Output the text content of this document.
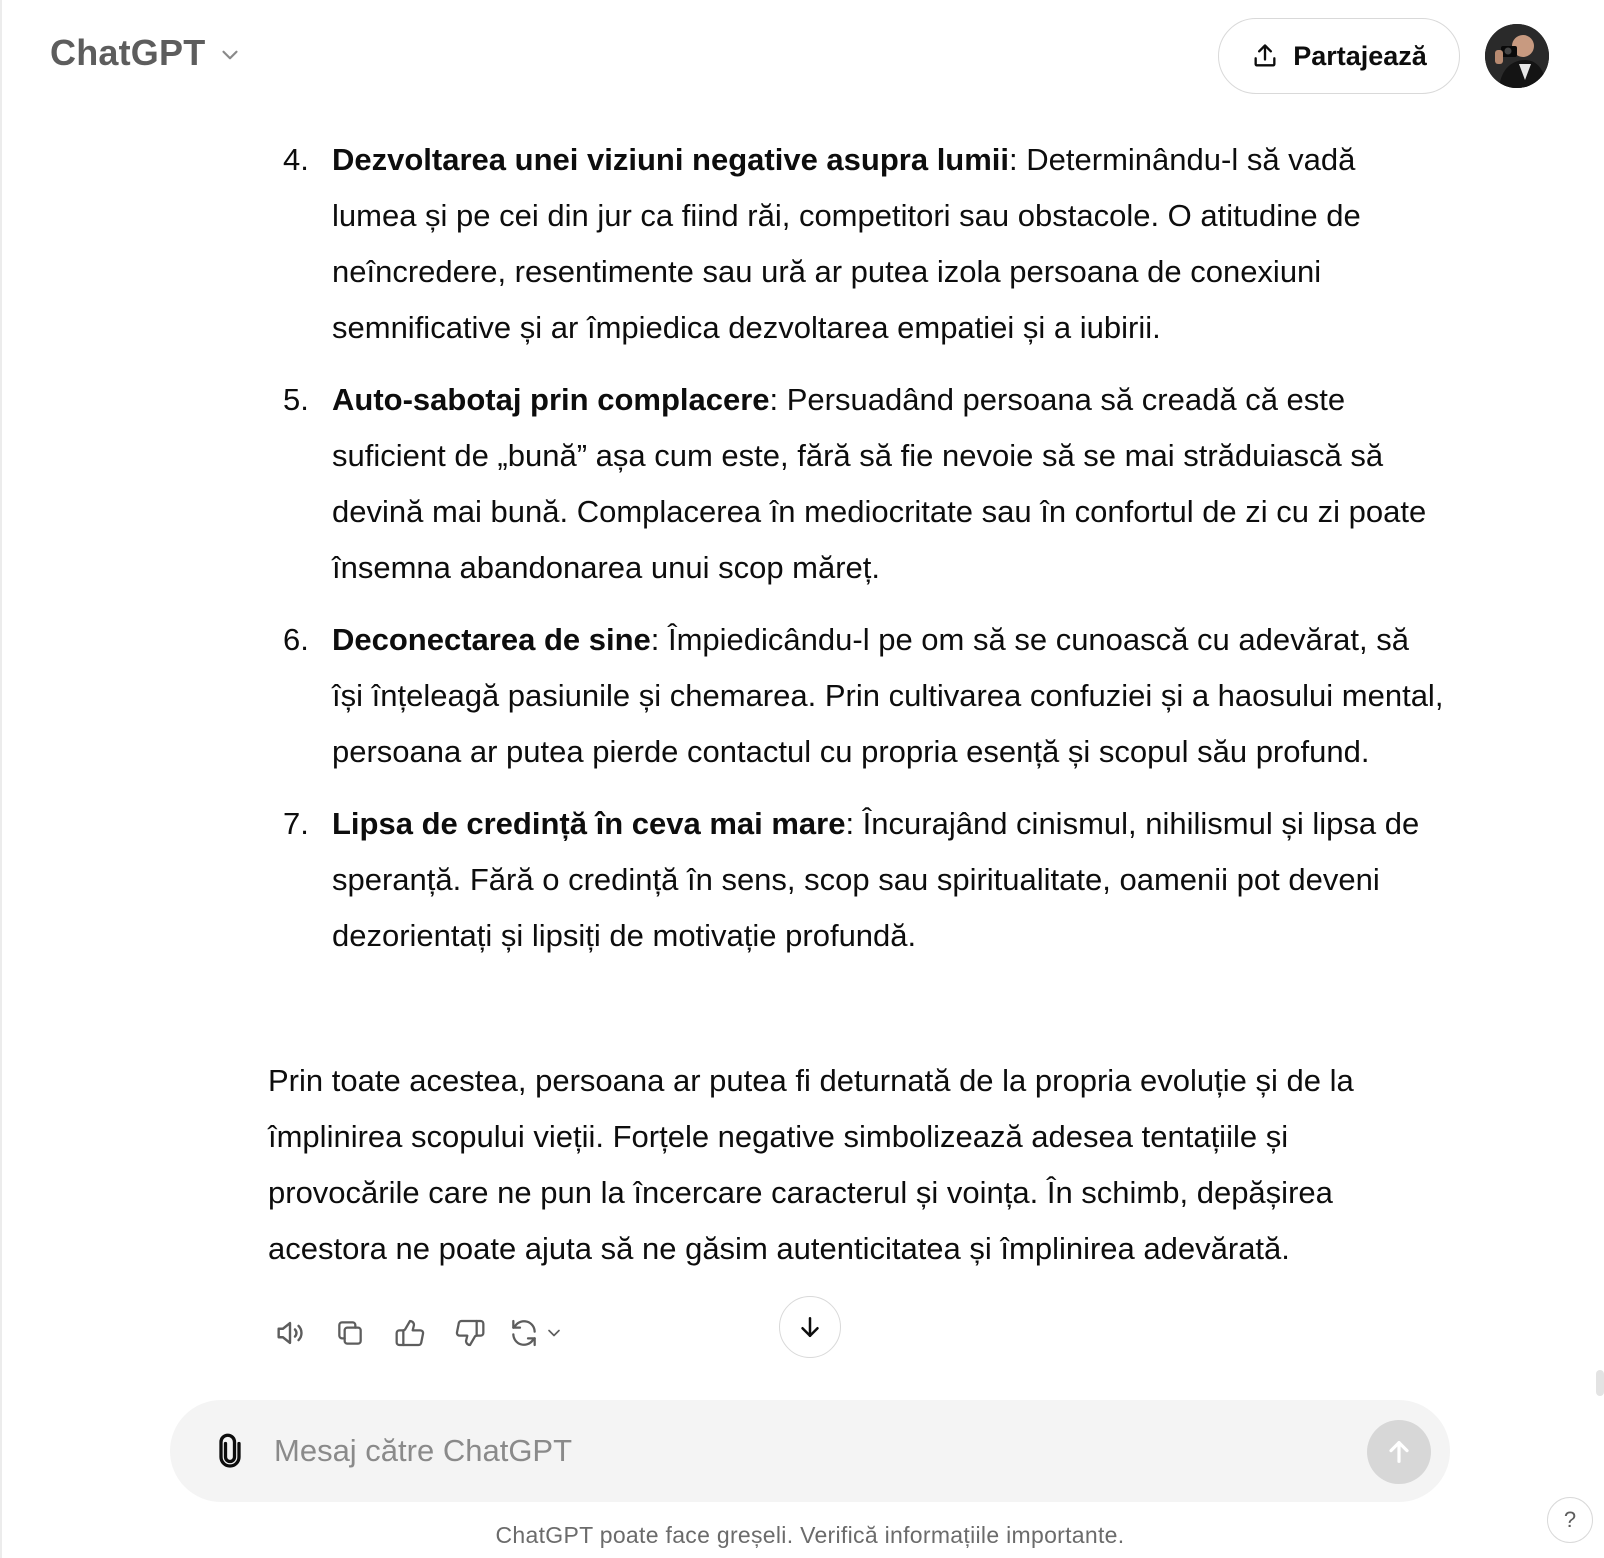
ChatGPT	Partajează
4. Dezvoltarea unei viziuni negative asupra lumii: Determinându-l să vadă lumea și pe cei din jur ca fiind răi, competitori sau obstacole. O atitudine de neîncredere, resentimente sau ură ar putea izola persoana de conexiuni semnificative și ar împiedica dezvoltarea empatiei și a iubirii.
5. Auto-sabotaj prin complacere: Persuadând persoana să creadă că este suficient de „bună” așa cum este, fără să fie nevoie să se mai străduiască să devină mai bună. Complacerea în mediocritate sau în confortul de zi cu zi poate însemna abandonarea unui scop măreț.
6. Deconectarea de sine: Împiedicându-l pe om să se cunoască cu adevărat, să își înțeleagă pasiunile și chemarea. Prin cultivarea confuziei și a haosului mental, persoana ar putea pierde contactul cu propria esență și scopul său profund.
7. Lipsa de credință în ceva mai mare: Încurajând cinismul, nihilismul și lipsa de speranță. Fără o credință în sens, scop sau spiritualitate, oamenii pot deveni dezorientați și lipsiți de motivație profundă.

Prin toate acestea, persoana ar putea fi deturnată de la propria evoluție și de la împlinirea scopului vieții. Forțele negative simbolizează adesea tentațiile și provocările care ne pun la încercare caracterul și voința. În schimb, depășirea acestora ne poate ajuta să ne găsim autenticitatea și împlinirea adevărată.

Mesaj către ChatGPT
ChatGPT poate face greșeli. Verifică informațiile importante.
?
